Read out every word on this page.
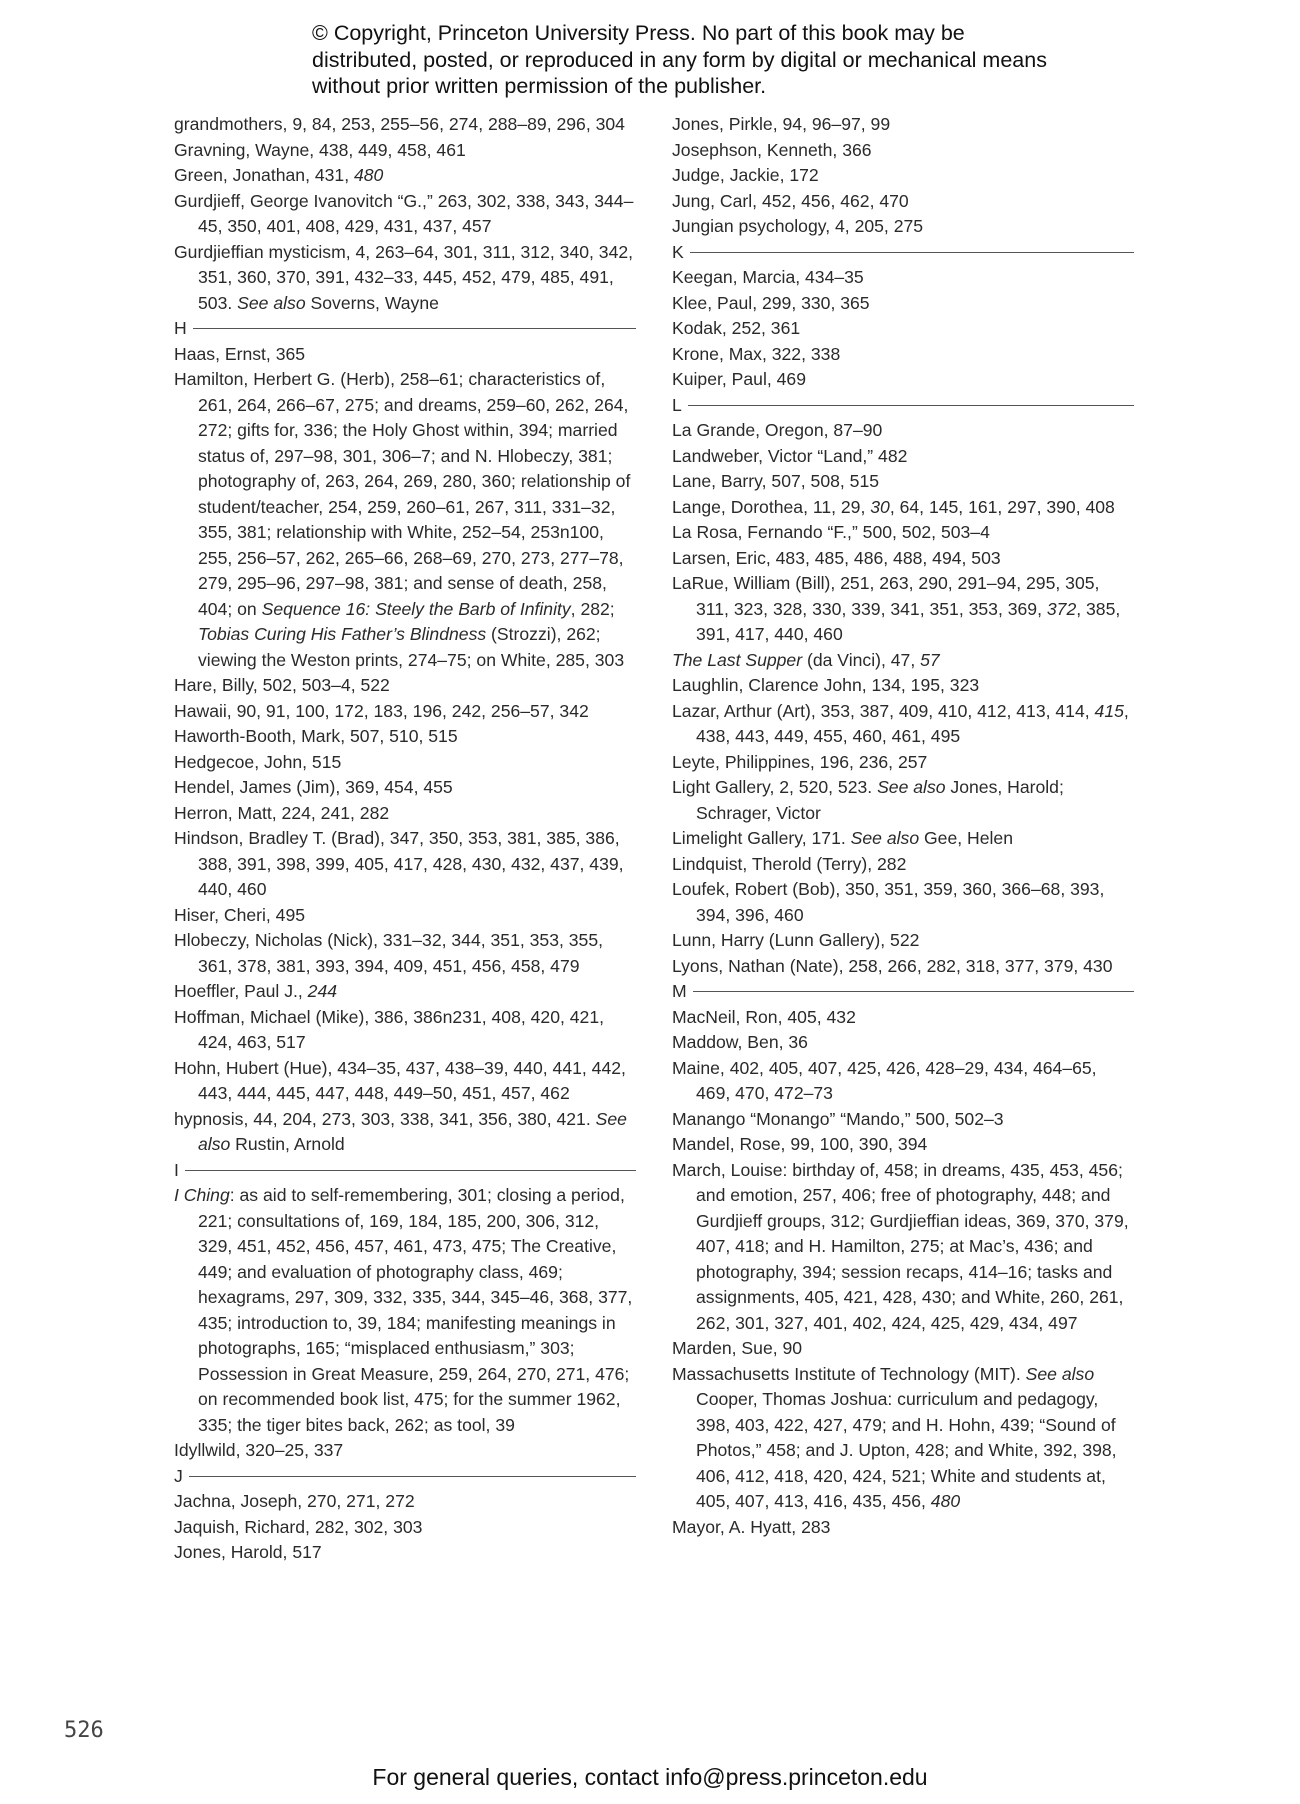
© Copyright, Princeton University Press. No part of this book may be distributed, posted, or reproduced in any form by digital or mechanical means without prior written permission of the publisher.

grandmothers, 9, 84, 253, 255–56, 274, 288–89, 296, 304

Gravning, Wayne, 438, 449, 458, 461

Green, Jonathan, 431, 480

Gurdjieff, George Ivanovitch “G.,” 263, 302, 338, 343, 344–45, 350, 401, 408, 429, 431, 437, 457

Gurdjieffian mysticism, 4, 263–64, 301, 311, 312, 340, 342, 351, 360, 370, 391, 432–33, 445, 452, 479, 485, 491, 503. See also Soverns, Wayne

H

Haas, Ernst, 365

Hamilton, Herbert G. (Herb), 258–61; characteristics of, 261, 264, 266–67, 275; and dreams, 259–60, 262, 264, 272; gifts for, 336; the Holy Ghost within, 394; married status of, 297–98, 301, 306–7; and N. Hlobeczy, 381; photography of, 263, 264, 269, 280, 360; relationship of student/teacher, 254, 259, 260–61, 267, 311, 331–32, 355, 381; relationship with White, 252–54, 253n100, 255, 256–57, 262, 265–66, 268–69, 270, 273, 277–78, 279, 295–96, 297–98, 381; and sense of death, 258, 404; on Sequence 16: Steely the Barb of Infinity, 282; Tobias Curing His Father’s Blindness (Strozzi), 262; viewing the Weston prints, 274–75; on White, 285, 303

Hare, Billy, 502, 503–4, 522

Hawaii, 90, 91, 100, 172, 183, 196, 242, 256–57, 342

Haworth-Booth, Mark, 507, 510, 515

Hedgecoe, John, 515

Hendel, James (Jim), 369, 454, 455

Herron, Matt, 224, 241, 282

Hindson, Bradley T. (Brad), 347, 350, 353, 381, 385, 386, 388, 391, 398, 399, 405, 417, 428, 430, 432, 437, 439, 440, 460

Hiser, Cheri, 495

Hlobeczy, Nicholas (Nick), 331–32, 344, 351, 353, 355, 361, 378, 381, 393, 394, 409, 451, 456, 458, 479

Hoeffler, Paul J., 244

Hoffman, Michael (Mike), 386, 386n231, 408, 420, 421, 424, 463, 517

Hohn, Hubert (Hue), 434–35, 437, 438–39, 440, 441, 442, 443, 444, 445, 447, 448, 449–50, 451, 457, 462

hypnosis, 44, 204, 273, 303, 338, 341, 356, 380, 421. See also Rustin, Arnold

I

I Ching: as aid to self-remembering, 301; closing a period, 221; consultations of, 169, 184, 185, 200, 306, 312, 329, 451, 452, 456, 457, 461, 473, 475; The Creative, 449; and evaluation of photography class, 469; hexagrams, 297, 309, 332, 335, 344, 345–46, 368, 377, 435; introduction to, 39, 184; manifesting meanings in photographs, 165; “misplaced enthusiasm,” 303; Possession in Great Measure, 259, 264, 270, 271, 476; on recommended book list, 475; for the summer 1962, 335; the tiger bites back, 262; as tool, 39

Idyllwild, 320–25, 337

J

Jachna, Joseph, 270, 271, 272

Jaquish, Richard, 282, 302, 303

Jones, Harold, 517

Jones, Pirkle, 94, 96–97, 99

Josephson, Kenneth, 366

Judge, Jackie, 172

Jung, Carl, 452, 456, 462, 470

Jungian psychology, 4, 205, 275

K

Keegan, Marcia, 434–35

Klee, Paul, 299, 330, 365

Kodak, 252, 361

Krone, Max, 322, 338

Kuiper, Paul, 469

L

La Grande, Oregon, 87–90

Landweber, Victor “Land,” 482

Lane, Barry, 507, 508, 515

Lange, Dorothea, 11, 29, 30, 64, 145, 161, 297, 390, 408

La Rosa, Fernando “F.,” 500, 502, 503–4

Larsen, Eric, 483, 485, 486, 488, 494, 503

LaRue, William (Bill), 251, 263, 290, 291–94, 295, 305, 311, 323, 328, 330, 339, 341, 351, 353, 369, 372, 385, 391, 417, 440, 460

The Last Supper (da Vinci), 47, 57

Laughlin, Clarence John, 134, 195, 323

Lazar, Arthur (Art), 353, 387, 409, 410, 412, 413, 414, 415, 438, 443, 449, 455, 460, 461, 495

Leyte, Philippines, 196, 236, 257

Light Gallery, 2, 520, 523. See also Jones, Harold; Schrager, Victor

Limelight Gallery, 171. See also Gee, Helen

Lindquist, Therold (Terry), 282

Loufek, Robert (Bob), 350, 351, 359, 360, 366–68, 393, 394, 396, 460

Lunn, Harry (Lunn Gallery), 522

Lyons, Nathan (Nate), 258, 266, 282, 318, 377, 379, 430

M

MacNeil, Ron, 405, 432

Maddow, Ben, 36

Maine, 402, 405, 407, 425, 426, 428–29, 434, 464–65, 469, 470, 472–73

Manango “Monango” “Mando,” 500, 502–3

Mandel, Rose, 99, 100, 390, 394

March, Louise: birthday of, 458; in dreams, 435, 453, 456; and emotion, 257, 406; free of photography, 448; and Gurdjieff groups, 312; Gurdjieffian ideas, 369, 370, 379, 407, 418; and H. Hamilton, 275; at Mac’s, 436; and photography, 394; session recaps, 414–16; tasks and assignments, 405, 421, 428, 430; and White, 260, 261, 262, 301, 327, 401, 402, 424, 425, 429, 434, 497

Marden, Sue, 90

Massachusetts Institute of Technology (MIT). See also Cooper, Thomas Joshua: curriculum and pedagogy, 398, 403, 422, 427, 479; and H. Hohn, 439; “Sound of Photos,” 458; and J. Upton, 428; and White, 392, 398, 406, 412, 418, 420, 424, 521; White and students at, 405, 407, 413, 416, 435, 456, 480

Mayor, A. Hyatt, 283

526
For general queries, contact info@press.princeton.edu
